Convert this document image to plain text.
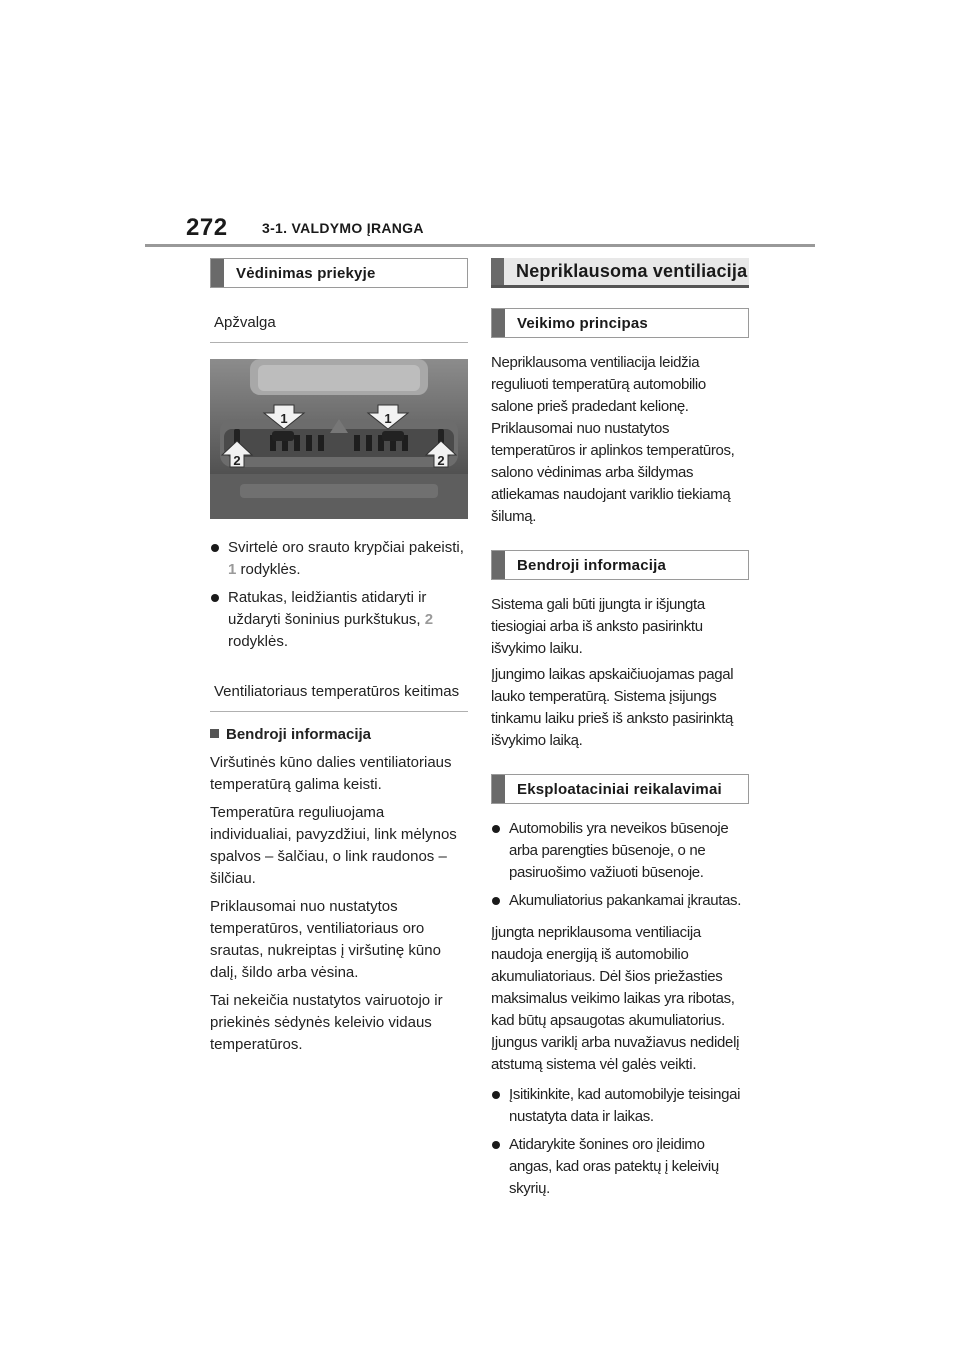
272 3-1. VALDYMO ĮRANGA
Vėdinimas priekyje
Apžvalga
1	1
2	2

Svirtelė oro srauto krypčiai pakeisti, 1 rodyklės.

Ratukas, leidžiantis atidaryti ir uždaryti šoninius purkštukus, 2 rodyklės.

Ventiliatoriaus temperatūros keitimas

Bendroji informacija

Viršutinės kūno dalies ventiliatoriaus temperatūrą galima keisti.

Temperatūra reguliuojama individualiai, pavyzdžiui, link mėlynos spalvos – šalčiau, o link raudonos – šilčiau.

Priklausomai nuo nustatytos temperatūros, ventiliatoriaus oro srautas, nukreiptas į viršutinę kūno dalį, šildo arba vėsina.

Tai nekeičia nustatytos vairuotojo ir priekinės sėdynės keleivio vidaus temperatūros.

Nepriklausoma ventiliacija
Veikimo principas

Nepriklausoma ventiliacija leidžia reguliuoti temperatūrą automobilio salone prieš pradedant kelionę. Priklausomai nuo nustatytos temperatūros ir aplinkos temperatūros, salono vėdinimas arba šildymas atliekamas naudojant variklio tiekiamą šilumą.

Bendroji informacija

Sistema gali būti įjungta ir išjungta tiesiogiai arba iš anksto pasirinktu išvykimo laiku.

Įjungimo laikas apskaičiuojamas pagal lauko temperatūrą. Sistema įsijungs tinkamu laiku prieš iš anksto pasirinktą išvykimo laiką.

Eksploataciniai reikalavimai

Automobilis yra neveikos būsenoje arba parengties būsenoje, o ne pasiruošimo važiuoti būsenoje.

Akumuliatorius pakankamai įkrautas.

Įjungta nepriklausoma ventiliacija naudoja energiją iš automobilio akumuliatoriaus. Dėl šios priežasties maksimalus veikimo laikas yra ribotas, kad būtų apsaugotas akumuliatorius. Įjungus variklį arba nuvažiavus nedidelį atstumą sistema vėl galės veikti.

Įsitikinkite, kad automobilyje teisingai nustatyta data ir laikas.

Atidarykite šonines oro įleidimo angas, kad oras patektų į keleivių skyrių.
